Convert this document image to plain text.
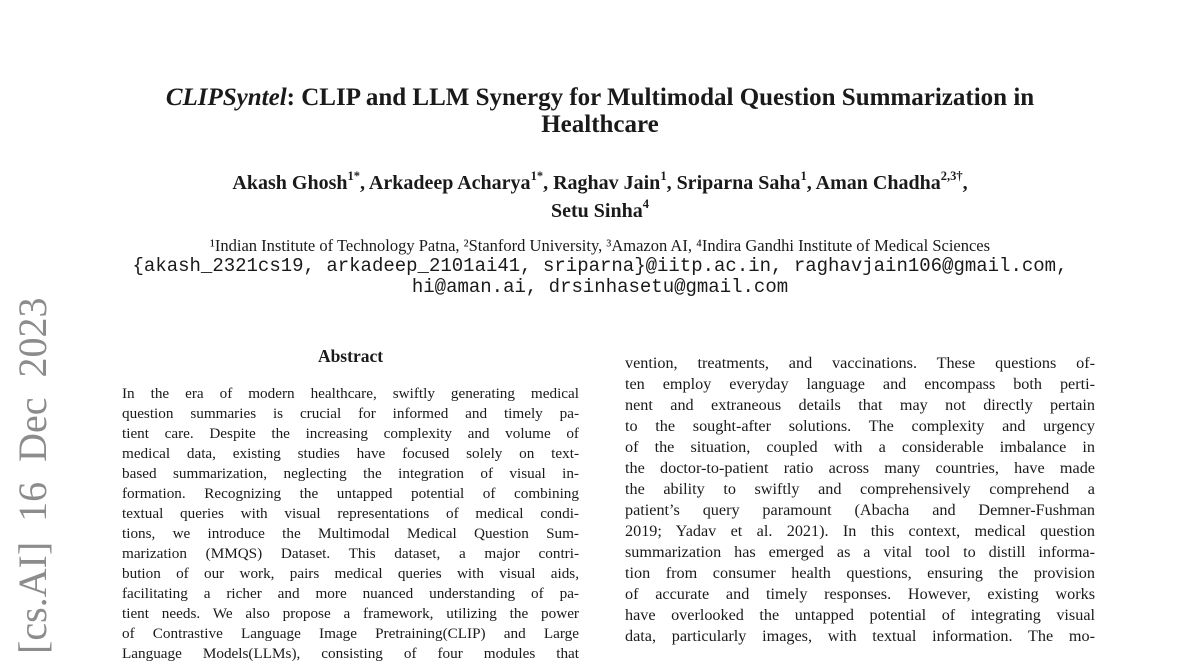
[cs.AI] 16 Dec 2023
CLIPSyntel: CLIP and LLM Synergy for Multimodal Question Summarization in
Healthcare
Akash Ghosh$^{1*}$, Arkadeep Acharya$^{1*}$, Raghav Jain$^1$, Sriparna Saha$^1$, Aman Chadha$^{2,3\dagger}$,
Setu Sinha$^4$
¹Indian Institute of Technology Patna, ²Stanford University, ³Amazon AI, ⁴Indira Gandhi Institute of Medical Sciences
{akash_2321cs19, arkadeep_2101ai41, sriparna}@iitp.ac.in, raghavjain106@gmail.com,
hi@aman.ai, drsinhasetu@gmail.com
Abstract
In the era of modern healthcare, swiftly generating medical
question summaries is crucial for informed and timely pa-
tient care. Despite the increasing complexity and volume of
medical data, existing studies have focused solely on text-
based summarization, neglecting the integration of visual in-
formation. Recognizing the untapped potential of combining
textual queries with visual representations of medical condi-
tions, we introduce the Multimodal Medical Question Sum-
marization (MMQS) Dataset. This dataset, a major contri-
bution of our work, pairs medical queries with visual aids,
facilitating a richer and more nuanced understanding of pa-
tient needs. We also propose a framework, utilizing the power
of Contrastive Language Image Pretraining(CLIP) and Large
Language Models(LLMs), consisting of four modules that
vention, treatments, and vaccinations. These questions of-
ten employ everyday language and encompass both perti-
nent and extraneous details that may not directly pertain
to the sought-after solutions. The complexity and urgency
of the situation, coupled with a considerable imbalance in
the doctor-to-patient ratio across many countries, have made
the ability to swiftly and comprehensively comprehend a
patient’s query paramount (Abacha and Demner-Fushman
2019; Yadav et al. 2021). In this context, medical question
summarization has emerged as a vital tool to distill informa-
tion from consumer health questions, ensuring the provision
of accurate and timely responses. However, existing works
have overlooked the untapped potential of integrating visual
data, particularly images, with textual information. The mo-
